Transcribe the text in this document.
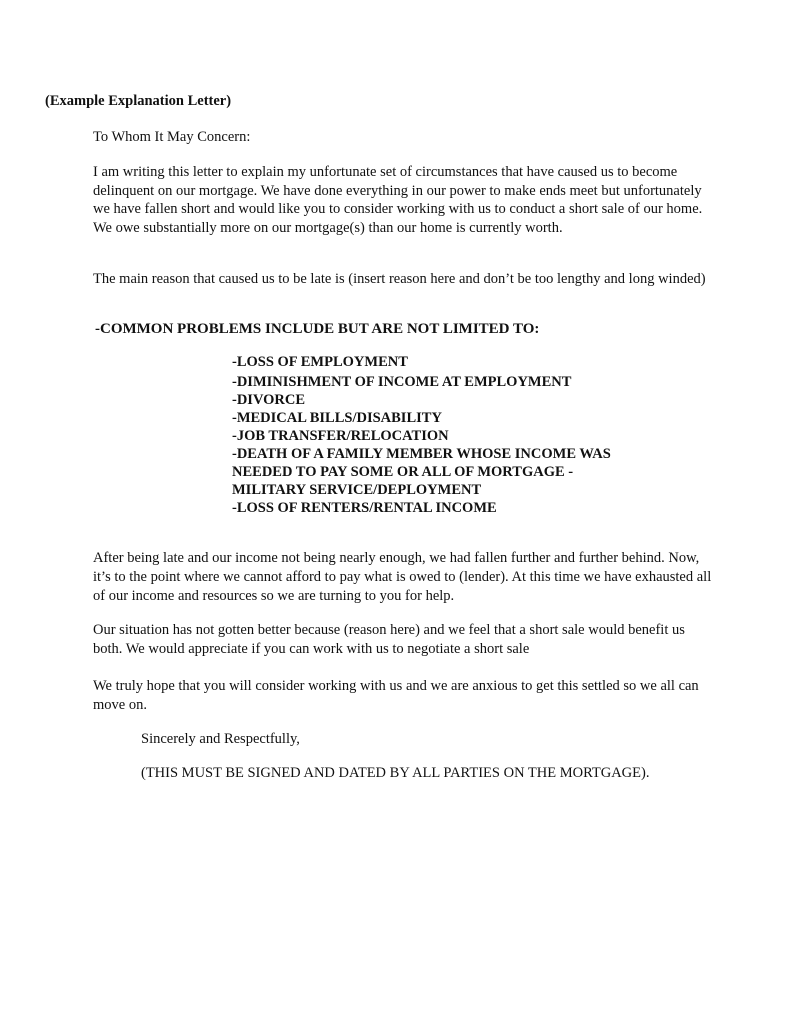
(Example Explanation Letter)
To Whom It May Concern:

I am writing this letter to explain my unfortunate set of circumstances that have caused us to become delinquent on our mortgage. We have done everything in our power to make ends meet but unfortunately we have fallen short and would like you to consider working with us to conduct a short sale of our home. We owe substantially more on our mortgage(s) than our home is currently worth.

The main reason that caused us to be late is (insert reason here and don’t be too lengthy and long winded)

-COMMON PROBLEMS INCLUDE BUT ARE NOT LIMITED TO:
-LOSS OF EMPLOYMENT
-DIMINISHMENT OF INCOME AT EMPLOYMENT
-DIVORCE
-MEDICAL BILLS/DISABILITY
-JOB TRANSFER/RELOCATION
-DEATH OF A FAMILY MEMBER WHOSE INCOME WAS
NEEDED TO PAY SOME OR ALL OF MORTGAGE -
MILITARY SERVICE/DEPLOYMENT
-LOSS OF RENTERS/RENTAL INCOME

After being late and our income not being nearly enough, we had fallen further and further behind. Now, it’s to the point where we cannot afford to pay what is owed to (lender). At this time we have exhausted all of our income and resources so we are turning to you for help.

Our situation has not gotten better because (reason here) and we feel that a short sale would benefit us both. We would appreciate if you can work with us to negotiate a short sale

We truly hope that you will consider working with us and we are anxious to get this settled so we all can move on.

Sincerely and Respectfully,
(THIS MUST BE SIGNED AND DATED BY ALL PARTIES ON THE MORTGAGE).
